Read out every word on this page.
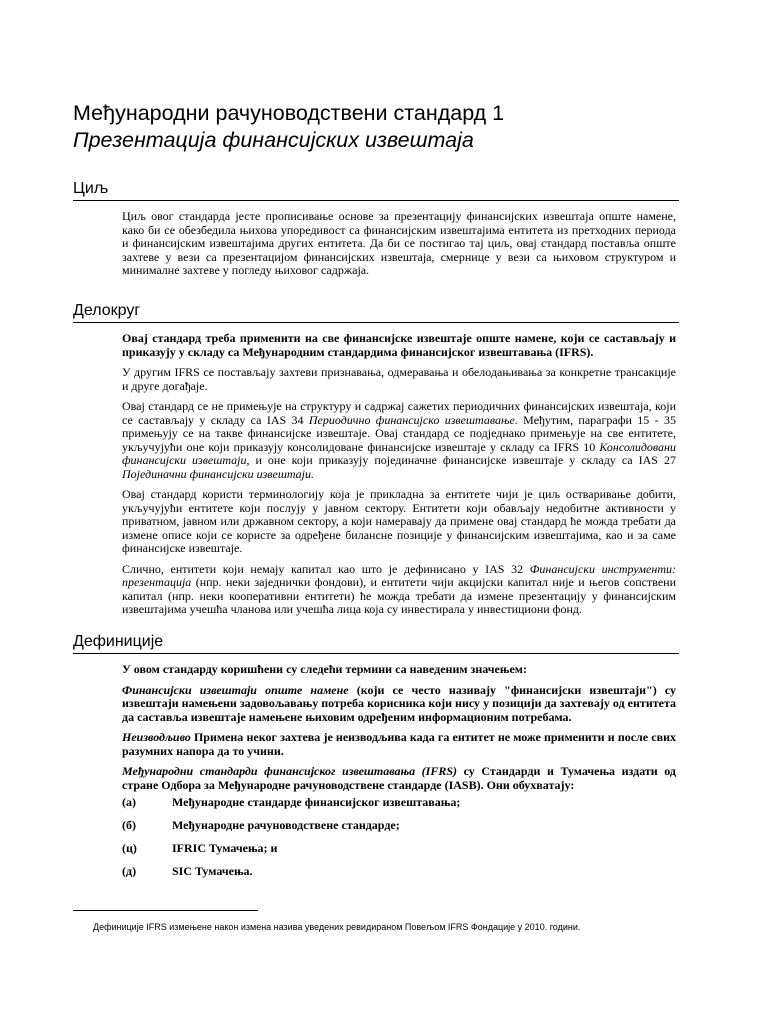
Међународни рачуноводствени стандард 1
Презентација финансијских извештаја
Циљ

Циљ овог стандарда јесте прописивање основе за презентацију финансијских извештаја опште намене, како би се обезбедила њихова упоредивост са финансијским извештајима ентитета из претходних периода и финансијским извештајима других ентитета. Да би се постигао тај циљ, овај стандард поставља опште захтеве у вези са презентацијом финансијских извештаја, смернице у вези са њиховом структуром и минималне захтеве у погледу њиховог садржаја.

Делокруг

Овај стандард треба применити на све финансијске извештаје опште намене, који се састављају и приказују у складу са Међународним стандардима финансијског извештавања (IFRS).

У другим IFRS се постављају захтеви признавања, одмеравања и обелодањивања за конкретне трансакције и друге догађаје.

Овај стандард се не примењује на структуру и садржај сажетих периодичних финансијских извештаја, који се састављају у складу са IAS 34 Периодично финансијско извештавање. Међутим, параграфи 15 ‑ 35 примењују се на такве финансијске извештаје. Овај стандард се подједнако примењује на све ентитете, укључујући оне који приказују консолидоване финансијске извештаје у складу са IFRS 10 Консолидовани финансијски извештаји, и оне који приказују појединачне финансијске извештаје у складу са IAS 27 Појединачни финансијски извештаји.

Овај стандард користи терминологију која је прикладна за ентитете чији је циљ остваривање добити, укључујући ентитете који послују у јавном сектору. Ентитети који обављају недобитне активности у приватном, јавном или државном сектору, а који намеравају да примене овај стандард ће можда требати да измене описе који се користе за одређене билансне позиције у финансијским извештајима, као и за саме финансијске извештаје.

Слично, ентитети који немају капитал као што је дефинисано у IAS 32 Финансијски инструменти: презентација (нпр. неки заједнички фондови), и ентитети чији акцијски капитал није и његов сопствени капитал (нпр. неки кооперативни ентитети) ће можда требати да измене презентацију у финансијским извештајима учешћа чланова или учешћа лица која су инвестирала у инвестициони фонд.

Дефиниције

У овом стандарду коришћени су следећи термини са наведеним значењем:

Финансијски извештаји опште намене (који се често називају "финансијски извештаји") су извештаји намењени задовољавању потреба корисника који нису у позицији да захтевају од ентитета да саставља извештаје намењене њиховим одређеним информационим потребама.

Неизводљиво Примена неког захтева је неизводљива када га ентитет не може применити и после свих разумних напора да то учини.

Међународни стандарди финансијског извештавања (IFRS) су Стандарди и Тумачења издати од стране Одбора за Међународне рачуноводствене стандарде (IASB). Они обухватају:

(а)	Међународне стандарде финансијског извештавања;
(б)	Међународне рачуноводствене стандарде;
(ц)	IFRIC Тумачења; и
(д)	SIC Тумачења.
Дефиниције IFRS измењене након измена назива уведених ревидираном Повељом IFRS Фондације у 2010. години.
